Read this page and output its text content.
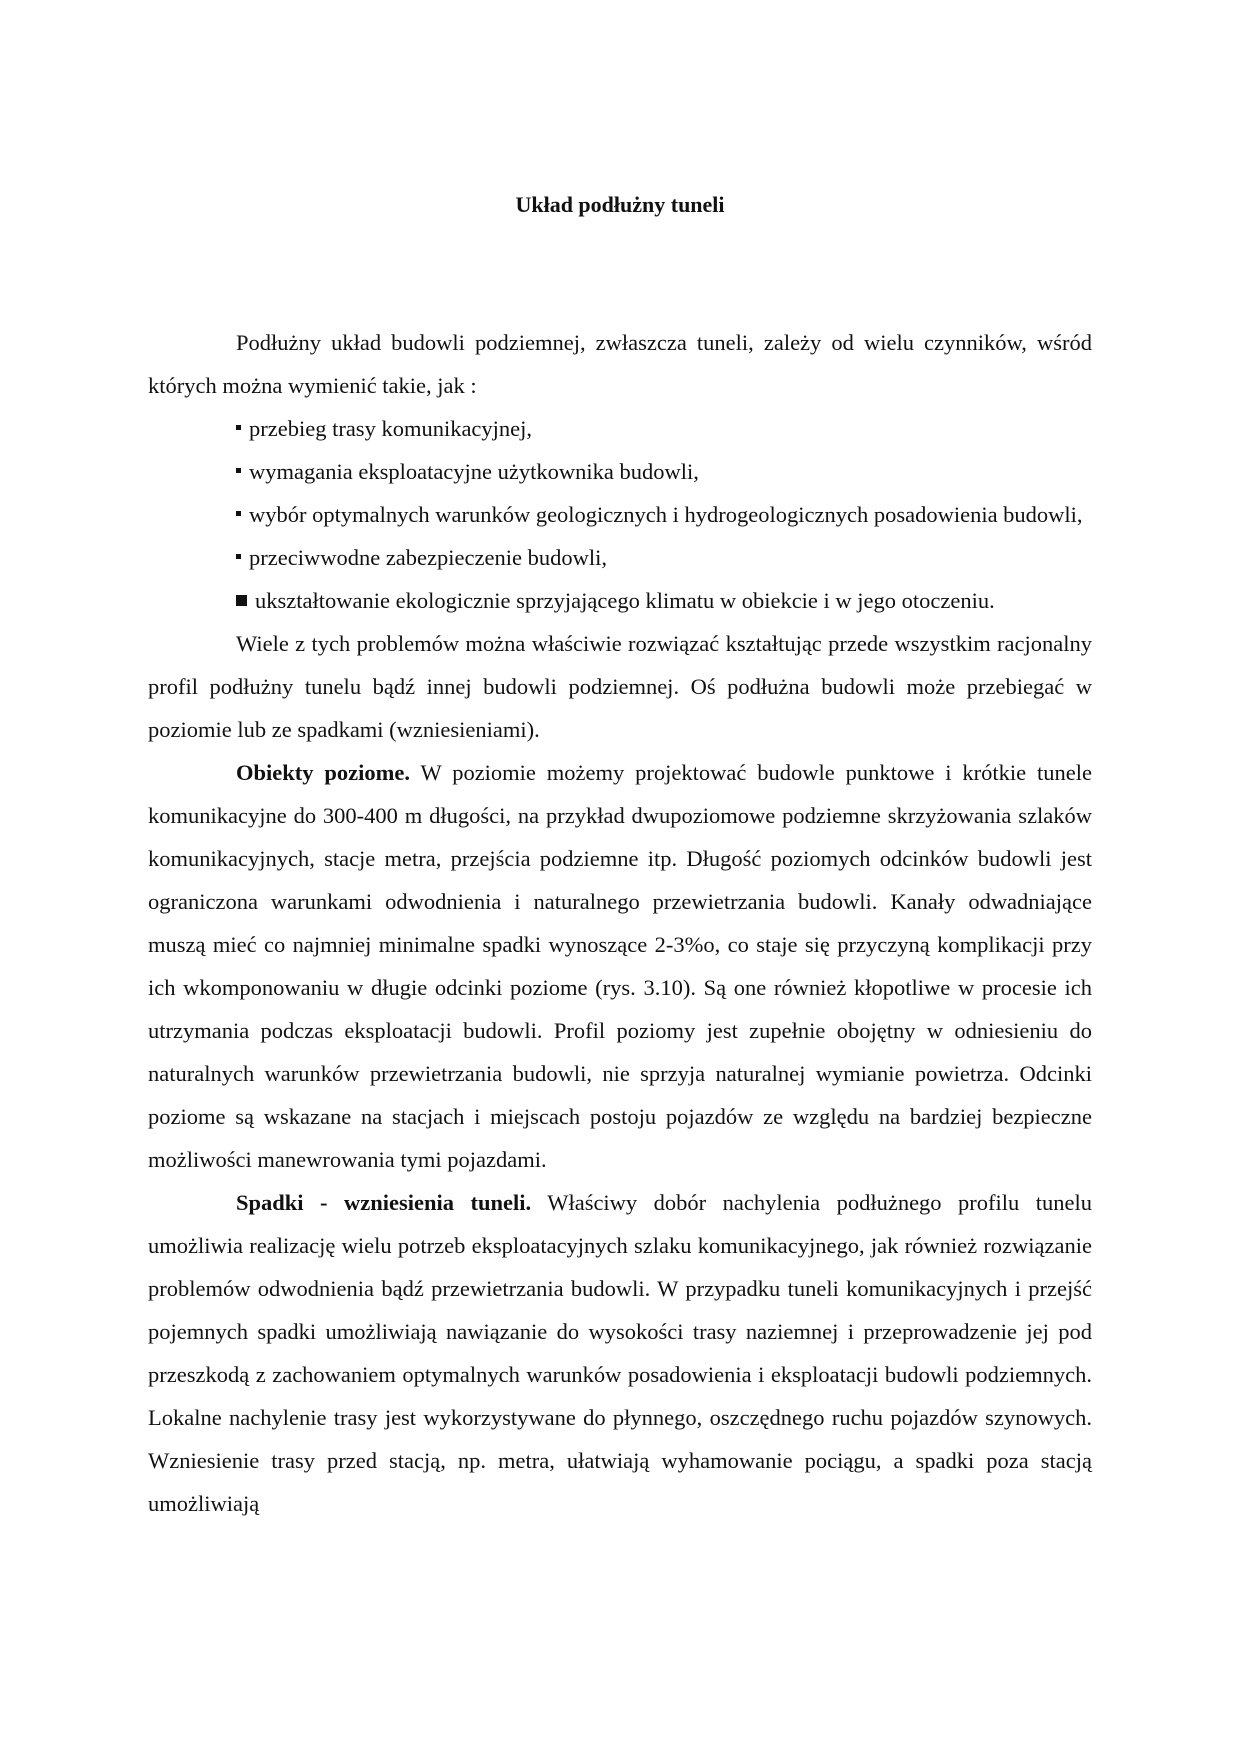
Układ podłużny tuneli

Podłużny układ budowli podziemnej, zwłaszcza tuneli, zależy od wielu czynników, wśród których można wymienić takie, jak :

przebieg trasy komunikacyjnej,

wymagania eksploatacyjne użytkownika budowli,

wybór optymalnych warunków geologicznych i hydrogeologicznych posadowienia budowli,

przeciwwodne zabezpieczenie budowli,

ukształtowanie ekologicznie sprzyjającego klimatu w obiekcie i w jego otoczeniu.

Wiele z tych problemów można właściwie rozwiązać kształtując przede wszystkim racjonalny profil podłużny tunelu bądź innej budowli podziemnej. Oś podłużna budowli może przebiegać w poziomie lub ze spadkami (wzniesieniami).

Obiekty poziome. W poziomie możemy projektować budowle punktowe i krótkie tunele komunikacyjne do 300-400 m długości, na przykład dwupoziomowe podziemne skrzyżowania szlaków komunikacyjnych, stacje metra, przejścia podziemne itp. Długość poziomych odcinków budowli jest ograniczona warunkami odwodnienia i naturalnego przewietrzania budowli. Kanały odwadniające muszą mieć co najmniej minimalne spadki wynoszące 2-3%o, co staje się przyczyną komplikacji przy ich wkomponowaniu w długie odcinki poziome (rys. 3.10). Są one również kłopotliwe w procesie ich utrzymania podczas eksploatacji budowli. Profil poziomy jest zupełnie obojętny w odniesieniu do naturalnych warunków przewietrzania budowli, nie sprzyja naturalnej wymianie powietrza. Odcinki poziome są wskazane na stacjach i miejscach postoju pojazdów ze względu na bardziej bezpieczne możliwości manewrowania tymi pojazdami.

Spadki - wzniesienia tuneli. Właściwy dobór nachylenia podłużnego profilu tunelu umożliwia realizację wielu potrzeb eksploatacyjnych szlaku komunikacyjnego, jak również rozwiązanie problemów odwodnienia bądź przewietrzania budowli. W przypadku tuneli komunikacyjnych i przejść pojemnych spadki umożliwiają nawiązanie do wysokości trasy naziemnej i przeprowadzenie jej pod przeszkodą z zachowaniem optymalnych warunków posadowienia i eksploatacji budowli podziemnych. Lokalne nachylenie trasy jest wykorzystywane do płynnego, oszczędnego ruchu pojazdów szynowych. Wzniesienie trasy przed stacją, np. metra, ułatwiają wyhamowanie pociągu, a spadki poza stacją umożliwiają
